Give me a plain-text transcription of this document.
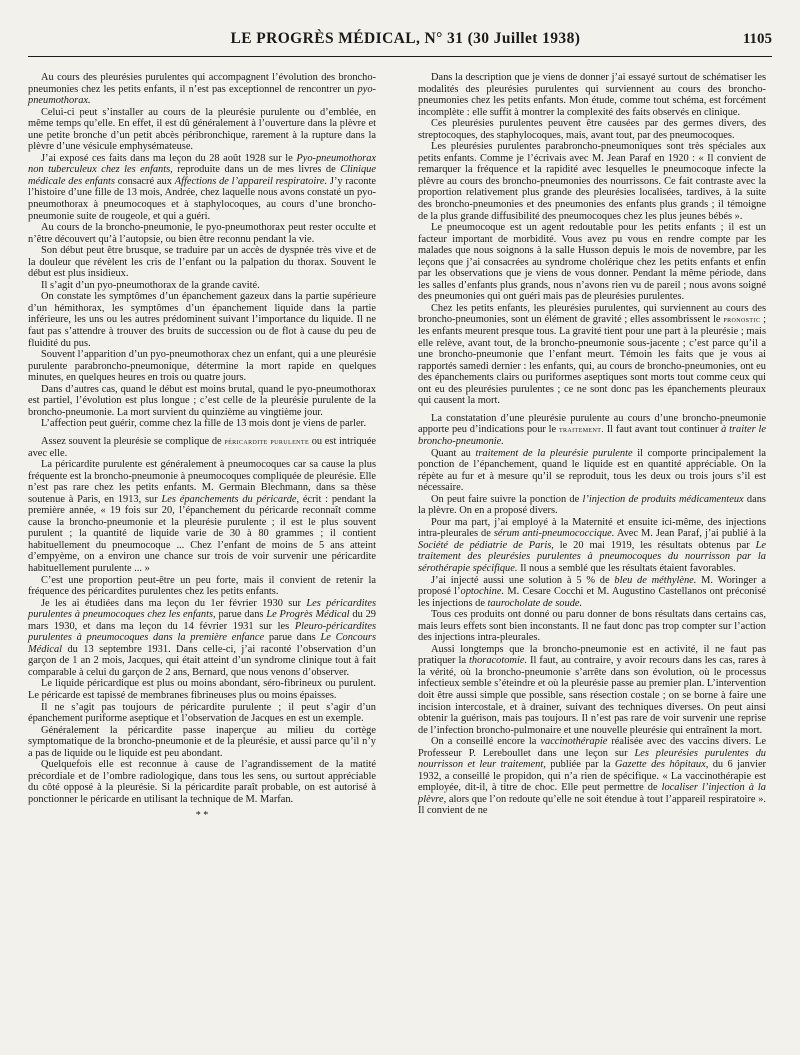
LE PROGRÈS MÉDICAL, N° 31 (30 Juillet 1938)	1105

Au cours des pleurésies purulentes qui accompagnent l’évolution des broncho-pneumonies chez les petits enfants, il n’est pas exceptionnel de rencontrer un pyo-pneumothorax.

Celui-ci peut s’installer au cours de la pleurésie purulente ou d’emblée, en même temps qu’elle. En effet, il est dû généralement à l’ouverture dans la plèvre et une petite bronche d’un petit abcès péribronchique, rarement à la rupture dans la plèvre d’une vésicule emphysémateuse.

J’ai exposé ces faits dans ma leçon du 28 août 1928 sur le Pyo-pneumothorax non tuberculeux chez les enfants, reproduite dans un de mes livres de Clinique médicale des enfants consacré aux Affections de l’appareil respiratoire. J’y raconte l’histoire d’une fille de 13 mois, Andrée, chez laquelle nous avons constaté un pyo-pneumothorax à pneumocoques et à staphylocoques, au cours d’une broncho-pneumonie suite de rougeole, et qui a guéri.

Au cours de la broncho-pneumonie, le pyo-pneumothorax peut rester occulte et n’être découvert qu’à l’autopsie, ou bien être reconnu pendant la vie.

Son début peut être brusque, se traduire par un accès de dyspnée très vive et de la douleur que révèlent les cris de l’enfant ou la palpation du thorax. Souvent le début est plus insidieux.

Il s’agit d’un pyo-pneumothorax de la grande cavité.

On constate les symptômes d’un épanchement gazeux dans la partie supérieure d’un hémithorax, les symptômes d’un épanchement liquide dans la partie inférieure, les uns ou les autres prédominent suivant l’importance du liquide. Il ne faut pas s’attendre à trouver des bruits de succession ou de flot à cause du peu de fluidité du pus.

Souvent l’apparition d’un pyo-pneumothorax chez un enfant, qui a une pleurésie purulente parabroncho-pneumonique, détermine la mort rapide en quelques minutes, en quelques heures en trois ou quatre jours.

Dans d’autres cas, quand le début est moins brutal, quand le pyo-pneumothorax est partiel, l’évolution est plus longue ; c’est celle de la pleurésie purulente de la broncho-pneumonie. La mort survient du quinzième au vingtième jour.

L’affection peut guérir, comme chez la fille de 13 mois dont je viens de parler.

Assez souvent la pleurésie se complique de péricardite purulente ou est intriquée avec elle.

La péricardite purulente est généralement à pneumocoques car sa cause la plus fréquente est la broncho-pneumonie à pneumocoques compliquée de pleurésie. Elle n’est pas rare chez les petits enfants. M. Germain Blechmann, dans sa thèse soutenue à Paris, en 1913, sur Les épanchements du péricarde, écrit : pendant la première année, « 19 fois sur 20, l’épanchement du péricarde reconnaît comme cause la broncho-pneumonie et la pleurésie purulente ; il est le plus souvent purulent ; la quantité de liquide varie de 30 à 80 grammes ; il contient habituellement du pneumocoque ... Chez l’enfant de moins de 5 ans atteint d’empyème, on a environ une chance sur trois de voir survenir une péricardite habituellement purulente ... »

C’est une proportion peut-être un peu forte, mais il convient de retenir la fréquence des péricardites purulentes chez les petits enfants.

Je les ai étudiées dans ma leçon du 1er février 1930 sur Les péricardites purulentes à pneumocoques chez les enfants, parue dans Le Progrès Médical du 29 mars 1930, et dans ma leçon du 14 février 1931 sur les Pleuro-péricardites purulentes à pneumocoques dans la première enfance parue dans Le Concours Médical du 13 septembre 1931. Dans celle-ci, j’ai raconté l’observation d’un garçon de 1 an 2 mois, Jacques, qui était atteint d’un syndrome clinique tout à fait comparable à celui du garçon de 2 ans, Bernard, que nous venons d’observer.

Le liquide péricardique est plus ou moins abondant, séro-fibrineux ou purulent. Le péricarde est tapissé de membranes fibrineuses plus ou moins épaisses.

Il ne s’agit pas toujours de péricardite purulente ; il peut s’agir d’un épanchement puriforme aseptique et l’observation de Jacques en est un exemple.

Généralement la péricardite passe inaperçue au milieu du cortège symptomatique de la broncho-pneumonie et de la pleurésie, et aussi parce qu’il n’y a pas de liquide ou le liquide est peu abondant.

Quelquefois elle est reconnue à cause de l’agrandissement de la matité précordiale et de l’ombre radiologique, dans tous les sens, ou surtout appréciable du côté opposé à la pleurésie. Si la péricardite paraît probable, on est autorisé à ponctionner le péricarde en utilisant la technique de M. Marfan.

* *

Dans la description que je viens de donner j’ai essayé surtout de schématiser les modalités des pleurésies purulentes qui surviennent au cours des broncho-pneumonies chez les petits enfants. Mon étude, comme tout schéma, est forcément incomplète : elle suffit à montrer la complexité des faits observés en clinique.

Ces pleurésies purulentes peuvent être causées par des germes divers, des streptocoques, des staphylocoques, mais, avant tout, par des pneumocoques.

Les pleurésies purulentes parabroncho-pneumoniques sont très spéciales aux petits enfants. Comme je l’écrivais avec M. Jean Paraf en 1920 : « Il convient de remarquer la fréquence et la rapidité avec lesquelles le pneumocoque infecte la plèvre au cours des broncho-pneumonies des nourrissons. Ce fait contraste avec la proportion relativement plus grande des pleurésies localisées, tardives, à la suite des broncho-pneumonies et des pneumonies des enfants plus grands ; il témoigne de la plus grande diffusibilité des pneumocoques chez les plus jeunes bébés ».

Le pneumocoque est un agent redoutable pour les petits enfants ; il est un facteur important de morbidité. Vous avez pu vous en rendre compte par les malades que nous soignons à la salle Husson depuis le mois de novembre, par les leçons que j’ai consacrées au syndrome cholérique chez les petits enfants et enfin par les observations que je viens de vous donner. Pendant la même période, dans les salles d’enfants plus grands, nous n’avons rien vu de pareil ; nous avons soigné des pneumonies qui ont guéri mais pas de pleurésies purulentes.

Chez les petits enfants, les pleurésies purulentes, qui surviennent au cours des broncho-pneumonies, sont un élément de gravité ; elles assombrissent le pronostic ; les enfants meurent presque tous. La gravité tient pour une part à la pleurésie ; mais elle relève, avant tout, de la broncho-pneumonie sous-jacente ; c’est parce qu’il a une broncho-pneumonie que l’enfant meurt. Témoin les faits que je vous ai rapportés samedi dernier : les enfants, qui, au cours de broncho-pneumonies, ont eu des épanchements clairs ou puriformes aseptiques sont morts tout comme ceux qui ont eu des pleurésies purulentes ; ce ne sont donc pas les épanchements pleuraux qui causent la mort.

La constatation d’une pleurésie purulente au cours d’une broncho-pneumonie apporte peu d’indications pour le traitement. Il faut avant tout continuer à traiter le broncho-pneumonie.

Quant au traitement de la pleurésie purulente il comporte principalement la ponction de l’épanchement, quand le liquide est en quantité appréciable. On la répète au fur et à mesure qu’il se reproduit, tous les deux ou trois jours s’il est nécessaire.

On peut faire suivre la ponction de l’injection de produits médicamenteux dans la plèvre. On en a proposé divers.

Pour ma part, j’ai employé à la Maternité et ensuite ici-même, des injections intra-pleurales de sérum anti-pneumococcique. Avec M. Jean Paraf, j’ai publié à la Société de pédiatrie de Paris, le 20 mai 1919, les résultats obtenus par Le traitement des pleurésies purulentes à pneumocoques du nourrisson par la sérothérapie spécifique. Il nous a semblé que les résultats étaient favorables.

J’ai injecté aussi une solution à 5 % de bleu de méthylène. M. Woringer a proposé l’optochine. M. Cesare Cocchi et M. Augustino Castellanos ont préconisé les injections de taurocholate de soude.

Tous ces produits ont donné ou paru donner de bons résultats dans certains cas, mais leurs effets sont bien inconstants. Il ne faut donc pas trop compter sur l’action des injections intra-pleurales.

Aussi longtemps que la broncho-pneumonie est en activité, il ne faut pas pratiquer la thoracotomie. Il faut, au contraire, y avoir recours dans les cas, rares à la vérité, où la broncho-pneumonie s’arrête dans son évolution, où le processus infectieux semble s’éteindre et où la pleurésie passe au premier plan. L’intervention doit être aussi simple que possible, sans résection costale ; on se borne à faire une incision intercostale, et à drainer, suivant des techniques diverses. On peut ainsi obtenir la guérison, mais pas toujours. Il n’est pas rare de voir survenir une reprise de l’infection broncho-pulmonaire et une nouvelle pleurésie qui entraînent la mort.

On a conseillé encore la vaccinothérapie réalisée avec des vaccins divers. Le Professeur P. Lereboullet dans une leçon sur Les pleurésies purulentes du nourrisson et leur traitement, publiée par la Gazette des hôpitaux, du 6 janvier 1932, a conseillé le propidon, qui n’a rien de spécifique. « La vaccinothérapie est employée, dit-il, à titre de choc. Elle peut permettre de localiser l’injection à la plèvre, alors que l’on redoute qu’elle ne soit étendue à tout l’appareil respiratoire ». Il convient de ne
